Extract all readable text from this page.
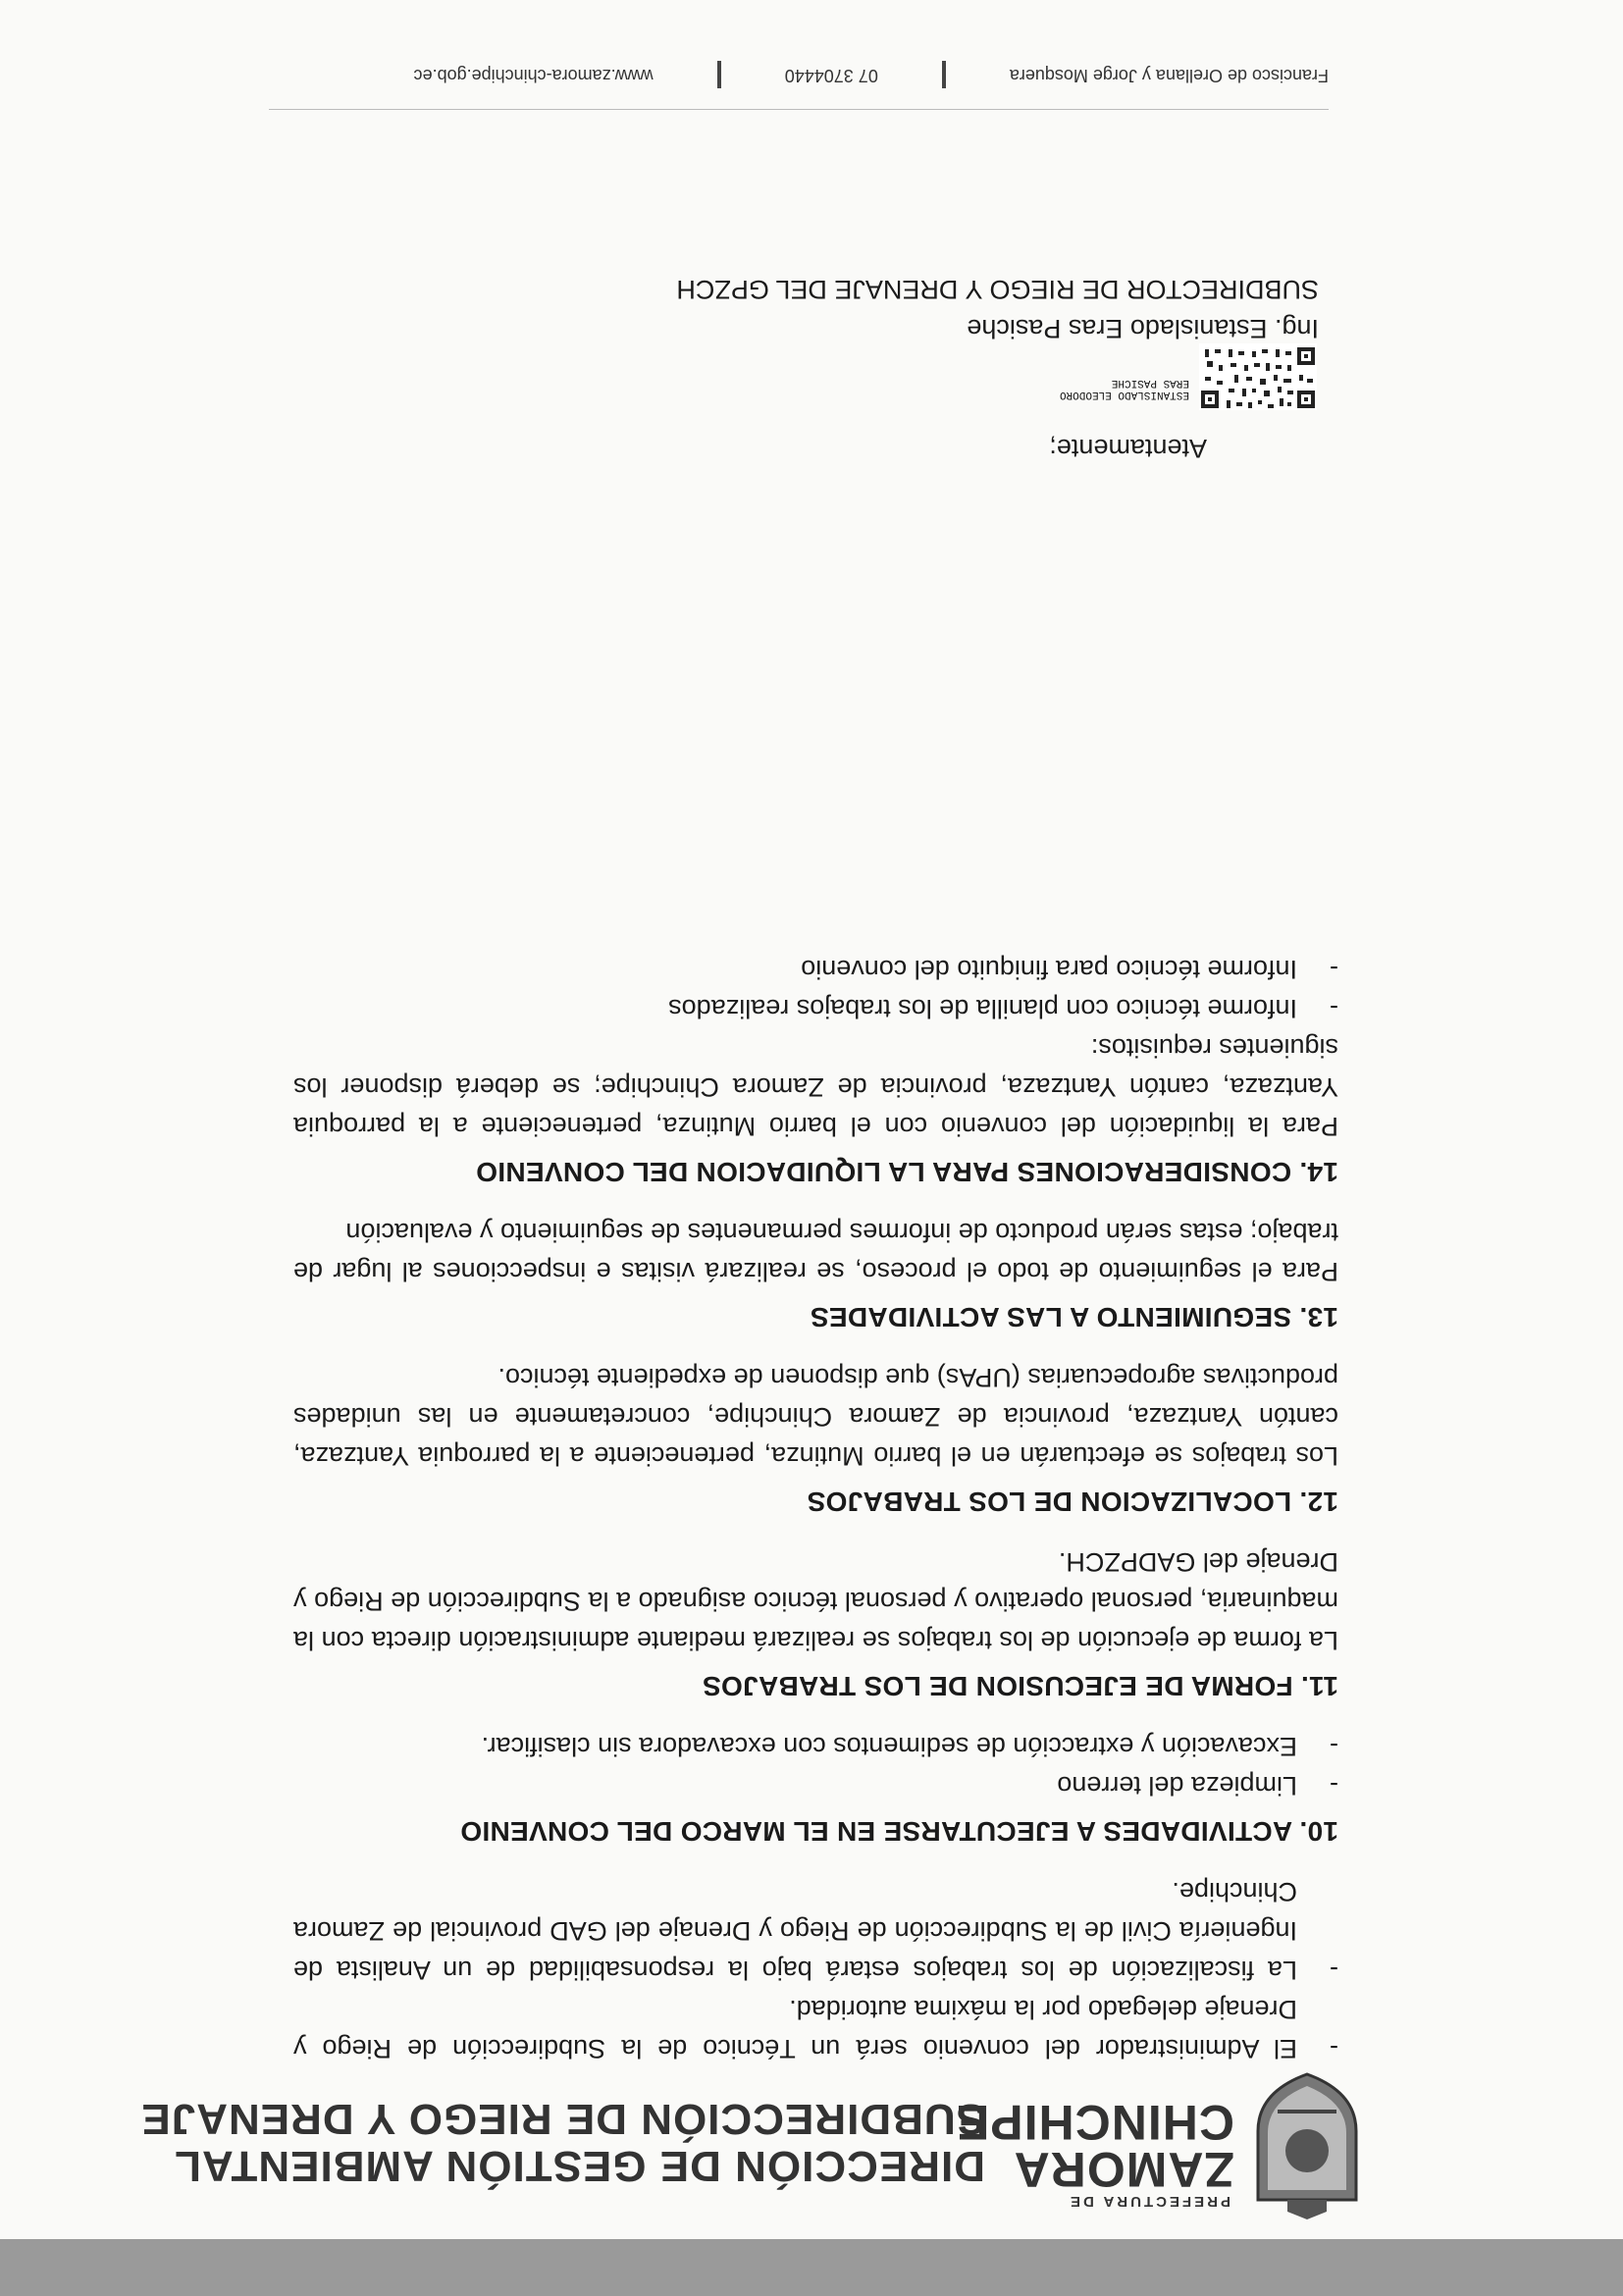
PREFECTURA DE
ZAMORA
CHINCHIPE
DIRECCIÓN DE GESTIÓN AMBIENTAL
SUBDIRECCIÓN DE RIEGO Y DRENAJE

-
El Administrador del convenio será un Técnico de la Subdirección de Riego y Drenaje delegado por la máxima autoridad.

-
La fiscalización de los trabajos estará bajo la responsabilidad de un Analista de Ingeniería Civil de la Subdirección de Riego y Drenaje del GAD provincial de Zamora Chinchipe.

10. ACTIVIDADES A EJECUTARSE EN EL MARCO DEL CONVENIO

-
Limpieza del terreno

-
Excavación y extracción de sedimentos con excavadora sin clasificar.

11. FORMA DE EJECUSION DE LOS TRABAJOS

La forma de ejecución de los trabajos se realizará mediante administración directa con la maquinaria, personal operativo y personal técnico asignado a la Subdirección de Riego y Drenaje del GADPZCH.

12. LOCALIZACION DE LOS TRABAJOS

Los trabajos se efectuarán en el barrio Mutinza, perteneciente a la parroquia Yantzaza, cantón Yantzaza, provincia de Zamora Chinchipe, concretamente en las unidades productivas agropecuarias (UPAs) que disponen de expediente técnico.

13. SEGUIMIENTO A LAS ACTIVIDADES

Para el seguimiento de todo el proceso, se realizará visitas e inspecciones al lugar de trabajo; estas serán producto de informes permanentes de seguimiento y evaluación

14. CONSIDERACIONES PARA LA LIQUIDACION DEL CONVENIO

Para la liquidación del convenio con el barrio Mutinza, perteneciente a la parroquia Yantzaza, cantón Yantzaza, provincia de Zamora Chinchipe; se deberá disponer los siguientes requisitos:

-
Informe técnico con planilla de los trabajos realizados

-
Informe técnico para finiquito del convenio

Atentamente;
ESTANISLADO ELEODORO ERAS PASICHE
Ing. Estanislado Eras Pasiche
SUBDIRECTOR DE RIEGO Y DRENAJE DEL GPZCH
Francisco de Orellana y Jorge Mosquera  07 3704440  www.zamora-chinchipe.gob.ec
